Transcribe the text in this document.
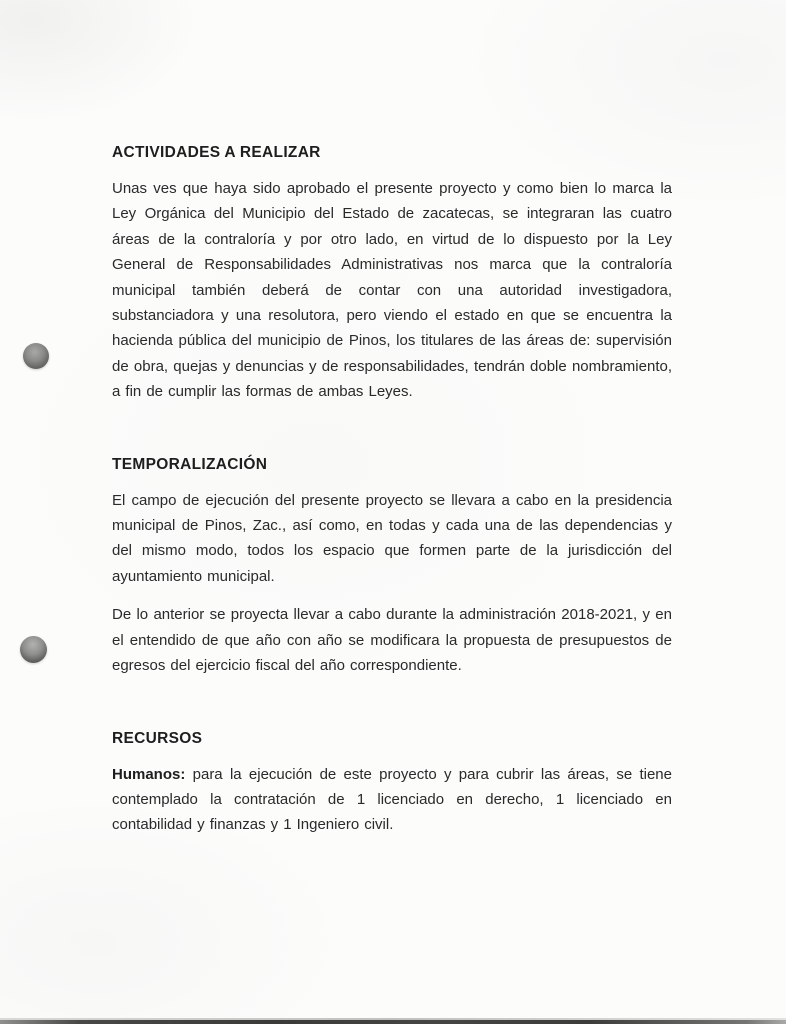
ACTIVIDADES A REALIZAR

Unas ves que haya sido aprobado el presente proyecto y como bien lo marca la Ley Orgánica del Municipio del Estado de zacatecas, se integraran las cuatro áreas de la contraloría y por otro lado, en virtud de lo dispuesto por la Ley General de Responsabilidades Administrativas nos marca que la contraloría municipal también deberá de contar con una autoridad investigadora, substanciadora y una resolutora, pero viendo el estado en que se encuentra la hacienda pública del municipio de Pinos, los titulares de las áreas de: supervisión de obra, quejas y denuncias y de responsabilidades, tendrán doble nombramiento, a fin de cumplir las formas de ambas Leyes.

TEMPORALIZACIÓN

El campo de ejecución del presente proyecto se llevara a cabo en la presidencia municipal de Pinos, Zac., así como, en todas y cada una de las dependencias y del mismo modo, todos los espacio que formen parte de la jurisdicción del ayuntamiento municipal.

De lo anterior se proyecta llevar a cabo durante la administración 2018-2021, y en el entendido de que año con año se modificara la propuesta de presupuestos de egresos del ejercicio fiscal del año correspondiente.

RECURSOS

Humanos: para la ejecución de este proyecto y para cubrir las áreas, se tiene contemplado la contratación de 1 licenciado en derecho, 1 licenciado en contabilidad y finanzas y 1 Ingeniero civil.
